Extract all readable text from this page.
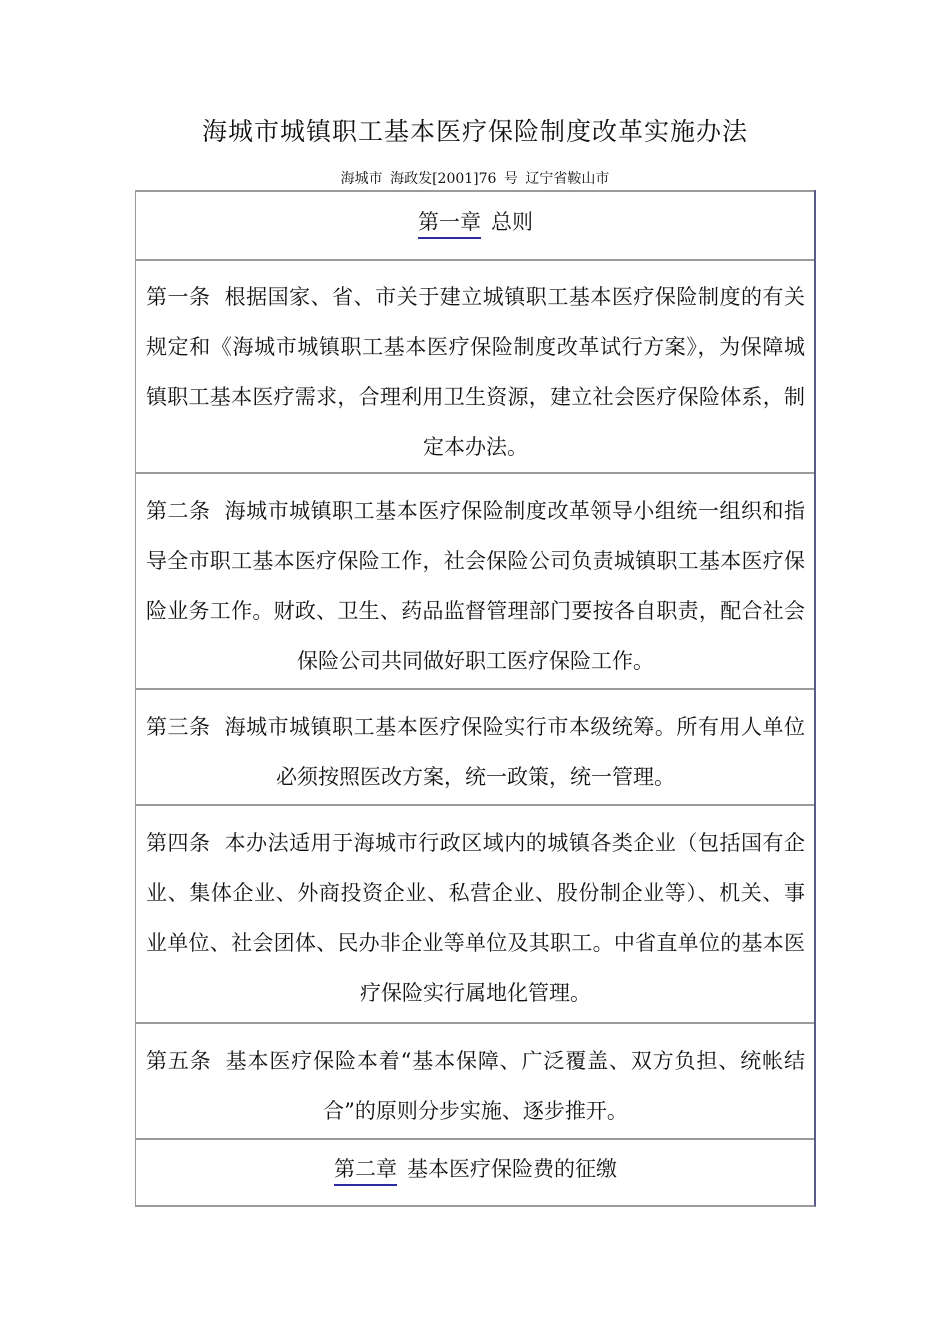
海城市城镇职工基本医疗保险制度改革实施办法
海城市 海政发[2001]76 号 辽宁省鞍山市
第一章 总则
第一条 根据国家、省、市关于建立城镇职工基本医疗保险制度的有关规定和《海城市城镇职工基本医疗保险制度改革试行方案》，为保障城镇职工基本医疗需求，合理利用卫生资源，建立社会医疗保险体系，制定本办法。
第二条 海城市城镇职工基本医疗保险制度改革领导小组统一组织和指导全市职工基本医疗保险工作，社会保险公司负责城镇职工基本医疗保险业务工作。财政、卫生、药品监督管理部门要按各自职责，配合社会保险公司共同做好职工医疗保险工作。
第三条 海城市城镇职工基本医疗保险实行市本级统筹。所有用人单位必须按照医改方案，统一政策，统一管理。
第四条 本办法适用于海城市行政区域内的城镇各类企业（包括国有企业、集体企业、外商投资企业、私营企业、股份制企业等）、机关、事业单位、社会团体、民办非企业等单位及其职工。中省直单位的基本医疗保险实行属地化管理。
第五条 基本医疗保险本着“基本保障、广泛覆盖、双方负担、统帐结合”的原则分步实施、逐步推开。
第二章 基本医疗保险费的征缴
